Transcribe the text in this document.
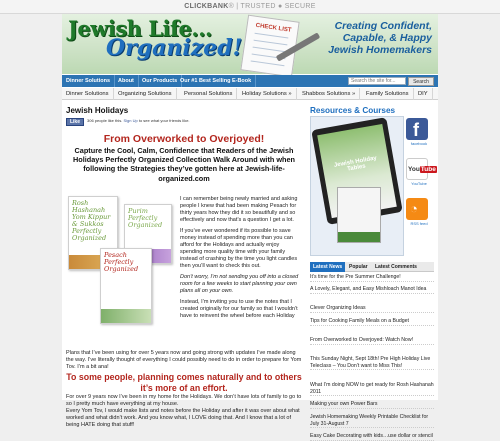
CLICKBANK® | TRUSTED ● SECURE
Jewish Life...
Organized!
CHECK LIST	Creating Confident,
Capable, & Happy
Jewish Homemakers
Dinner Solutions	About	Our Products Our #1 Best Selling E-Book	Search the site for...	Search
Dinner Solutions	Organizing Solutions	Personal Solutions	Holiday Solutions »	Shabbos Solutions »	Family Solutions	DIY
Jewish Holidays
Like	306 people like this. Sign Up to see what your friends like.
From Overworked to Overjoyed!
Capture the Cool, Calm, Confidence that Readers of the Jewish Holidays Perfectly Organized Collection Walk Around with when following the Strategies they’ve gotten here at Jewish-life-organized.com
Rosh Hashanah Yom Kippur & Sukkos Perfectly Organized
Purim Perfectly Organized
Pesach Perfectly Organized

I can remember being newly married and asking people I knew that had been making Pesach for thirty years how they did it so beautifully and so effectively and now that’s a question I get a lot.

If you’ve ever wondered if its possible to save money instead of spending more than you can afford for the Holidays and actually enjoy spending more quality time with your family instead of crashing by the time you light candles then you’ll want to check this out.

Don’t worry, I’m not sending you off into a closed room for a few weeks to start planning your own plans all on your own.

Instead, I’m inviting you to use the notes that I created originally for our family so that I wouldn’t have to reinvent the wheel before each Holiday

Plans that I’ve been using for over 5 years now and going strong with updates I’ve made along the way. I’ve literally thought of everything I could possibly need to do in order to prepare for Yom Tov. I’m a bit ana!
To some people, planning comes naturally and to others it’s more of an effort.
For over 9 years now I’ve been in my home for the Holidays. We don’t have lots of family to go to so I pretty much have everything at my house.
Every Yom Tov, I would make lists and notes before the Holiday and after it was over about what worked and what didn’t work. And you know what, I LOVE doing that. And I know that a lot of being HATE doing that stuff!
Resources & Courses
Jewish Holiday Tables
f
facebook
YouTube
YouTube
◔
RSS feed
Latest News	Popular	Latest Comments
It’s time for the Pre Summer Challenge!
A Lovely, Elegant, and Easy Mishloach Manot Idea
Clever Organizing Ideas
Tips for Cooking Family Meals on a Budget
From Overworked to Overjoyed: Watch Now!
This Sunday Night, Sept 18th! Pre High Holiday Live Teleclass – You Don’t want to Miss This!
What I’m doing NOW to get ready for Rosh Hashanah 2011
Making your own Power Bars
Jewish Homemaking Weekly Printable Checklist for July 31-August 7
Easy Cake Decorating with kids…use dollar or stencil
